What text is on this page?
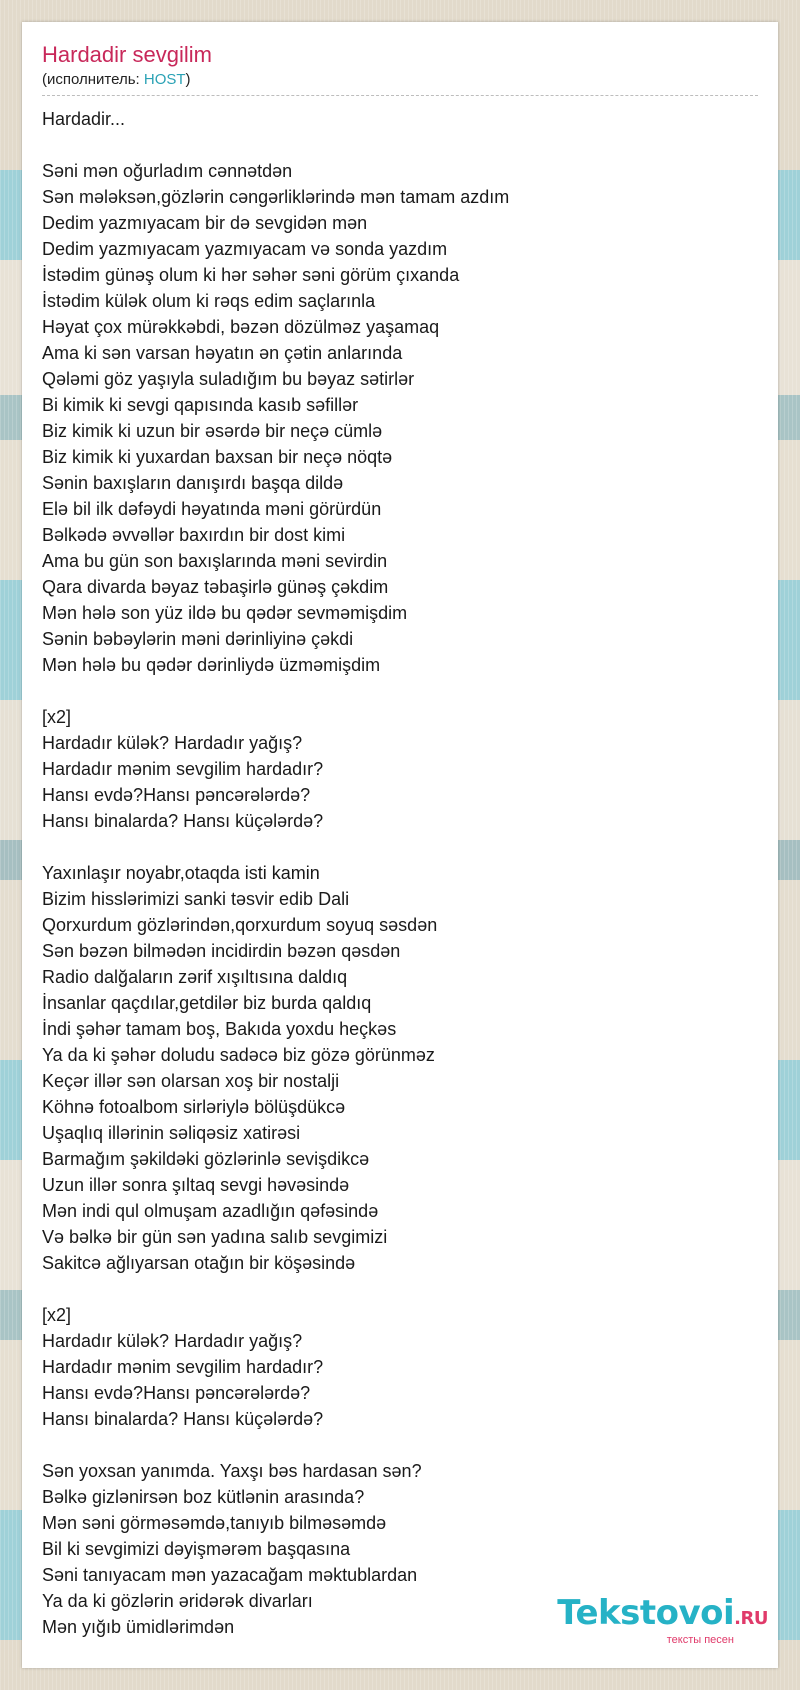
Hardadir sevgilim
(исполнитель: HOST)
Hardadir...
Səni mən oğurladım cənnətdən
Sən mələksən,gözlərin cəngərliklərində mən tamam azdım
Dedim yazmıyacam bir də sevgidən mən
Dedim yazmıyacam yazmıyacam və sonda yazdım
İstədim günəş olum ki hər səhər səni görüm çıxanda
İstədim külək olum ki rəqs edim saçlarınla
Həyat çox mürəkkəbdi, bəzən dözülməz yaşamaq
Ama ki sən varsan həyatın ən çətin anlarında
Qələmi göz yaşıyla suladığım bu bəyaz sətirlər
Bi kimik ki sevgi qapısında kasıb səfillər
Biz kimik ki uzun bir əsərdə bir neçə cümlə
Biz kimik ki yuxardan baxsan bir neçə nöqtə
Sənin baxışların danışırdı başqa dildə
Elə bil ilk dəfəydi həyatında məni görürdün
Bəlkədə əvvəllər baxırdın bir dost kimi
Ama bu gün son baxışlarında məni sevirdin
Qara divarda bəyaz təbaşirlə günəş çəkdim
Mən hələ son yüz ildə bu qədər sevməmişdim
Sənin bəbəylərin məni dərinliyinə çəkdi
Mən hələ bu qədər dərinliydə üzməmişdim
[x2]
Hardadır külək? Hardadır yağış?
Hardadır mənim sevgilim hardadır?
Hansı evdə?Hansı pəncərələrdə?
Hansı binalarda? Hansı küçələrdə?
Yaxınlaşır noyabr,otaqda isti kamin
Bizim hisslərimizi sanki təsvir edib Dali
Qorxurdum gözlərindən,qorxurdum soyuq səsdən
Sən bəzən bilmədən incidirdin bəzən qəsdən
Radio dalğaların zərif xışıltısına daldıq
İnsanlar qaçdılar,getdilər biz burda qaldıq
İndi şəhər tamam boş, Bakıda yoxdu heçkəs
Ya da ki şəhər doludu sadəcə biz gözə görünməz
Keçər illər sən olarsan xoş bir nostalji
Köhnə fotoalbom sirləriylə bölüşdükcə
Uşaqlıq illərinin səliqəsiz xatirəsi
Barmağım şəkildəki gözlərinlə sevişdikcə
Uzun illər sonra şıltaq sevgi həvəsində
Mən indi qul olmuşam azadlığın qəfəsində
Və bəlkə bir gün sən yadına salıb sevgimizi
Sakitcə ağlıyarsan otağın bir köşəsində
[x2]
Hardadır külək? Hardadır yağış?
Hardadır mənim sevgilim hardadır?
Hansı evdə?Hansı pəncərələrdə?
Hansı binalarda? Hansı küçələrdə?
Sən yoxsan yanımda. Yaxşı bəs hardasan sən?
Bəlkə gizlənirsən boz kütlənin arasında?
Mən səni görməsəmdə,tanıyıb bilməsəmdə
Bil ki sevgimizi dəyişmərəm başqasına
Səni tanıyacam mən yazacağam məktublardan
Ya da ki gözlərin əridərək divarları
Mən yığıb ümidlərimdən	Tekstovoi.RU
тексты песен
